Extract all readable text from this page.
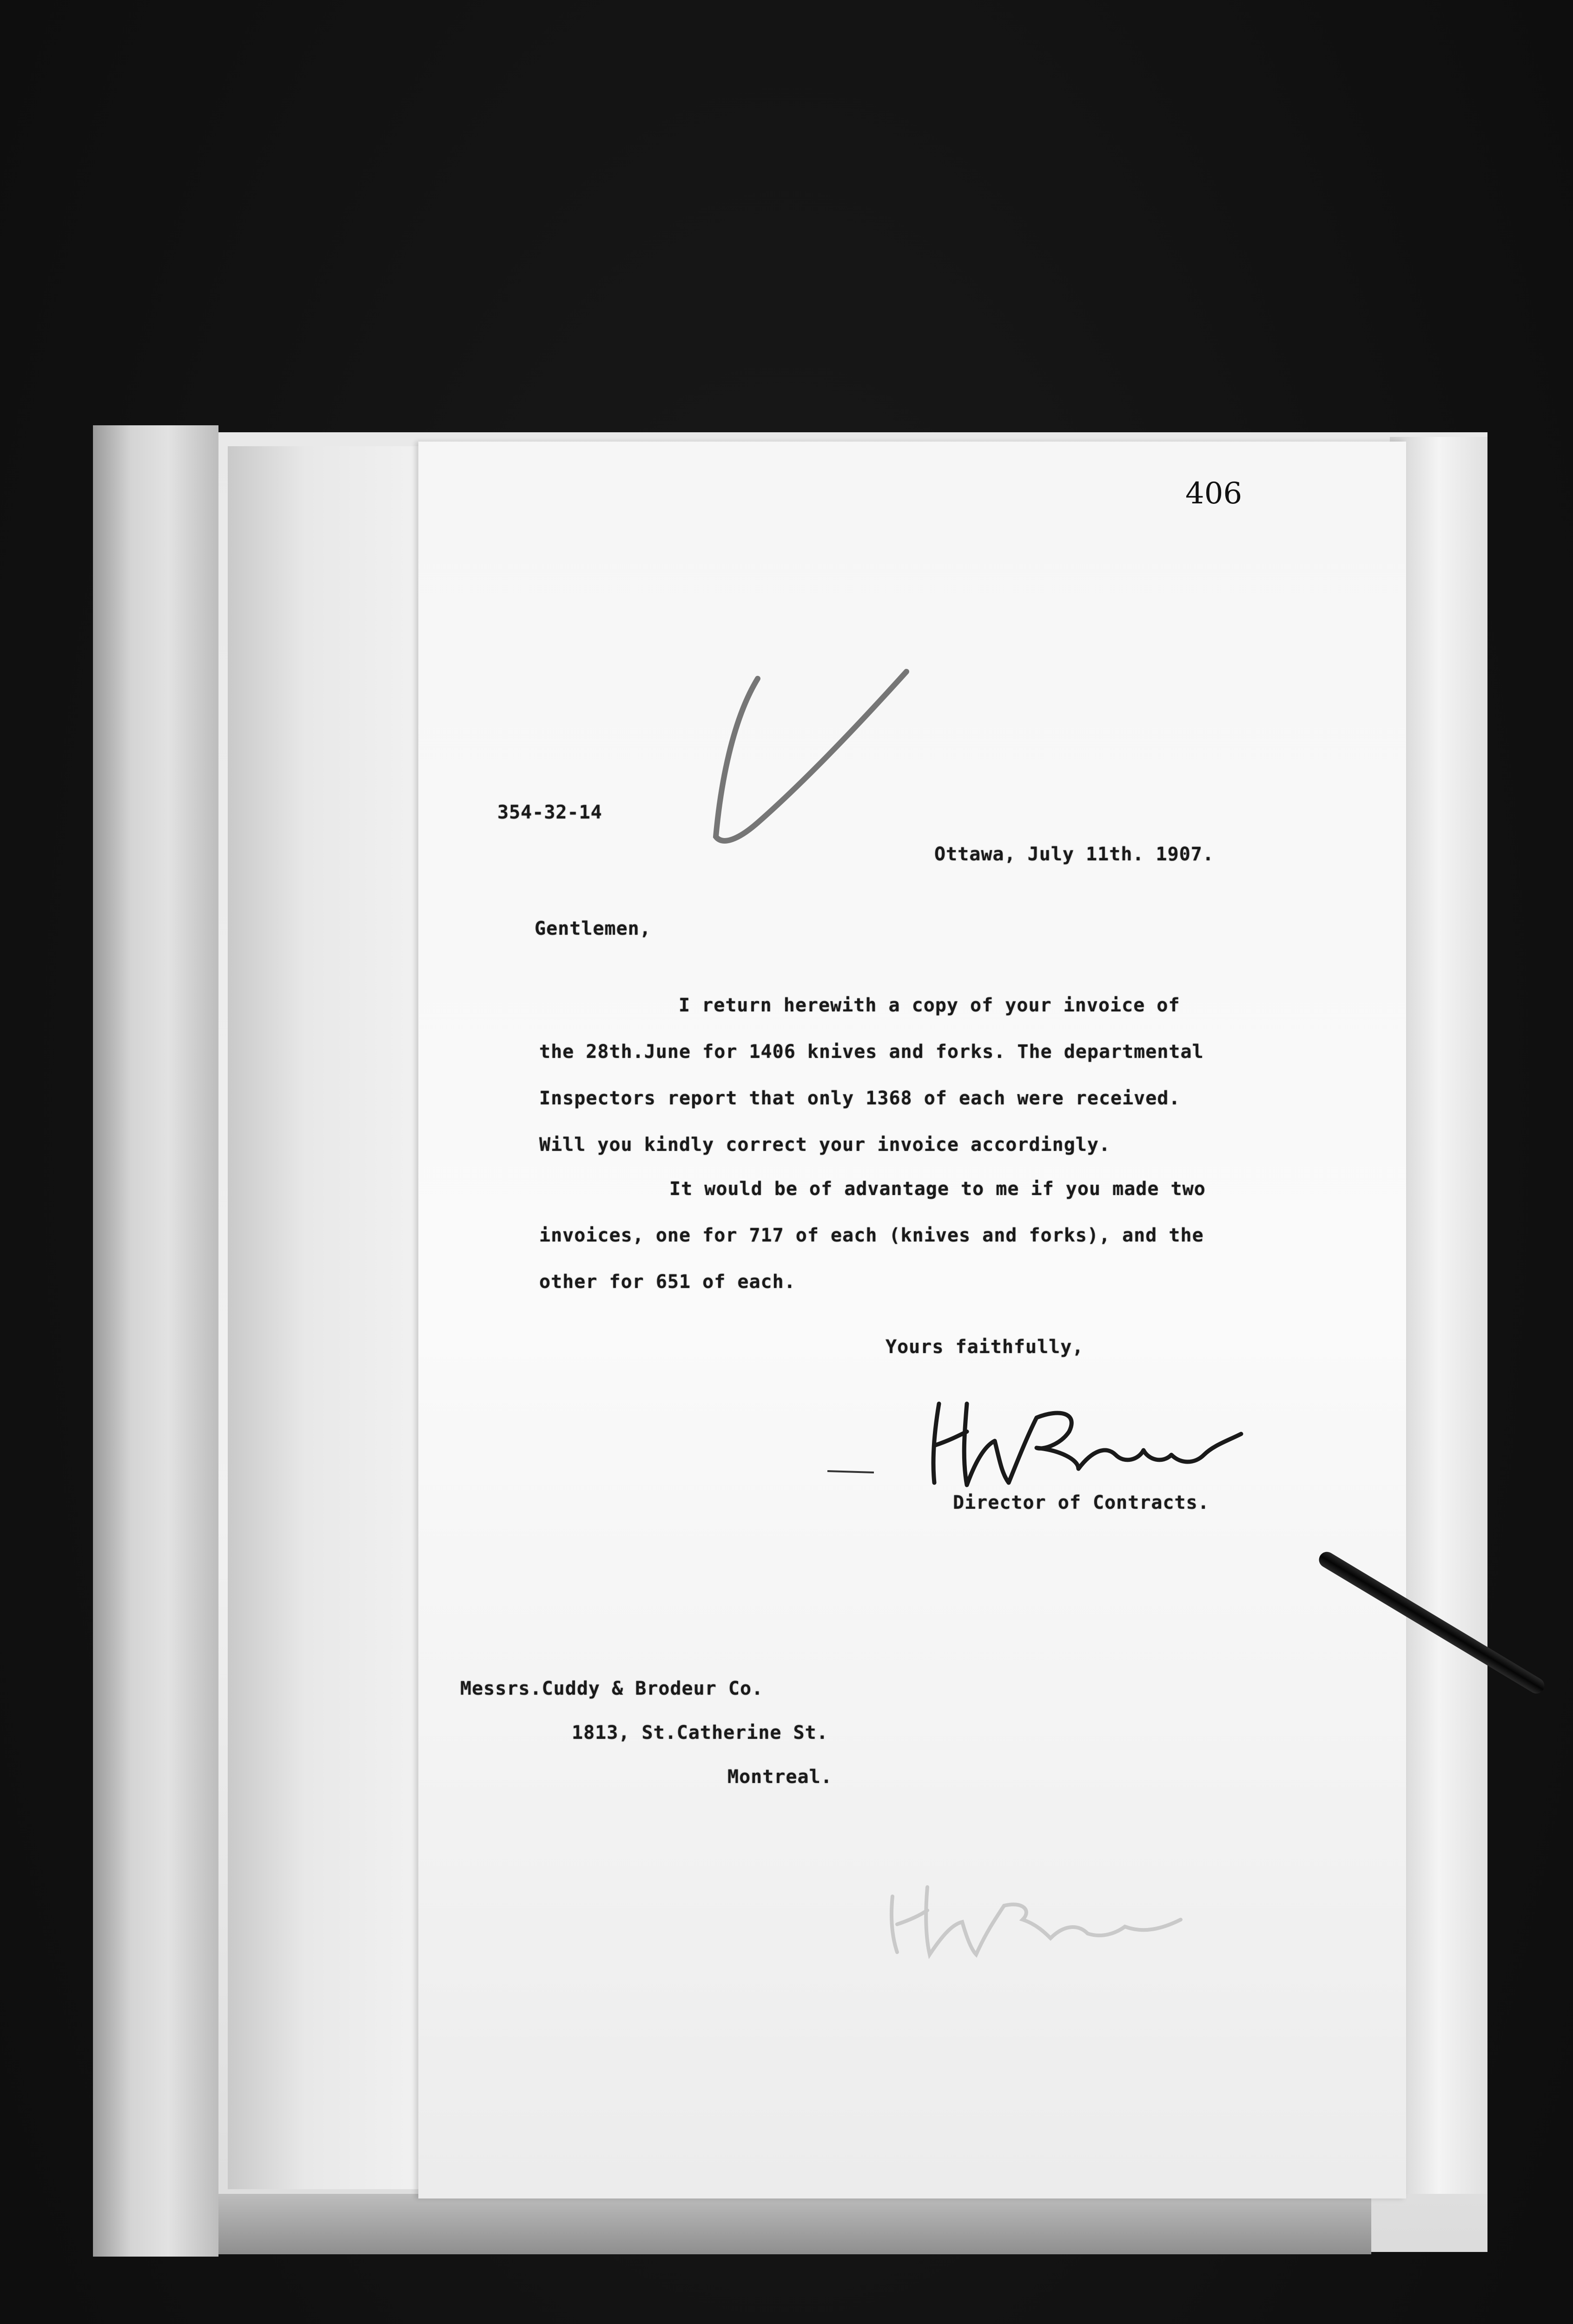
406
354-32-14
Ottawa, July 11th. 1907.
Gentlemen,
I return herewith a copy of your invoice of
the 28th.June for 1406 knives and forks. The departmental
Inspectors report that only 1368 of each were received.
Will you kindly correct your invoice accordingly.
It would be of advantage to me if you made two
invoices, one for 717 of each (knives and forks), and the
other for 651 of each.
Yours faithfully,
Director of Contracts.
Messrs.Cuddy & Brodeur Co.
1813, St.Catherine St.
Montreal.
